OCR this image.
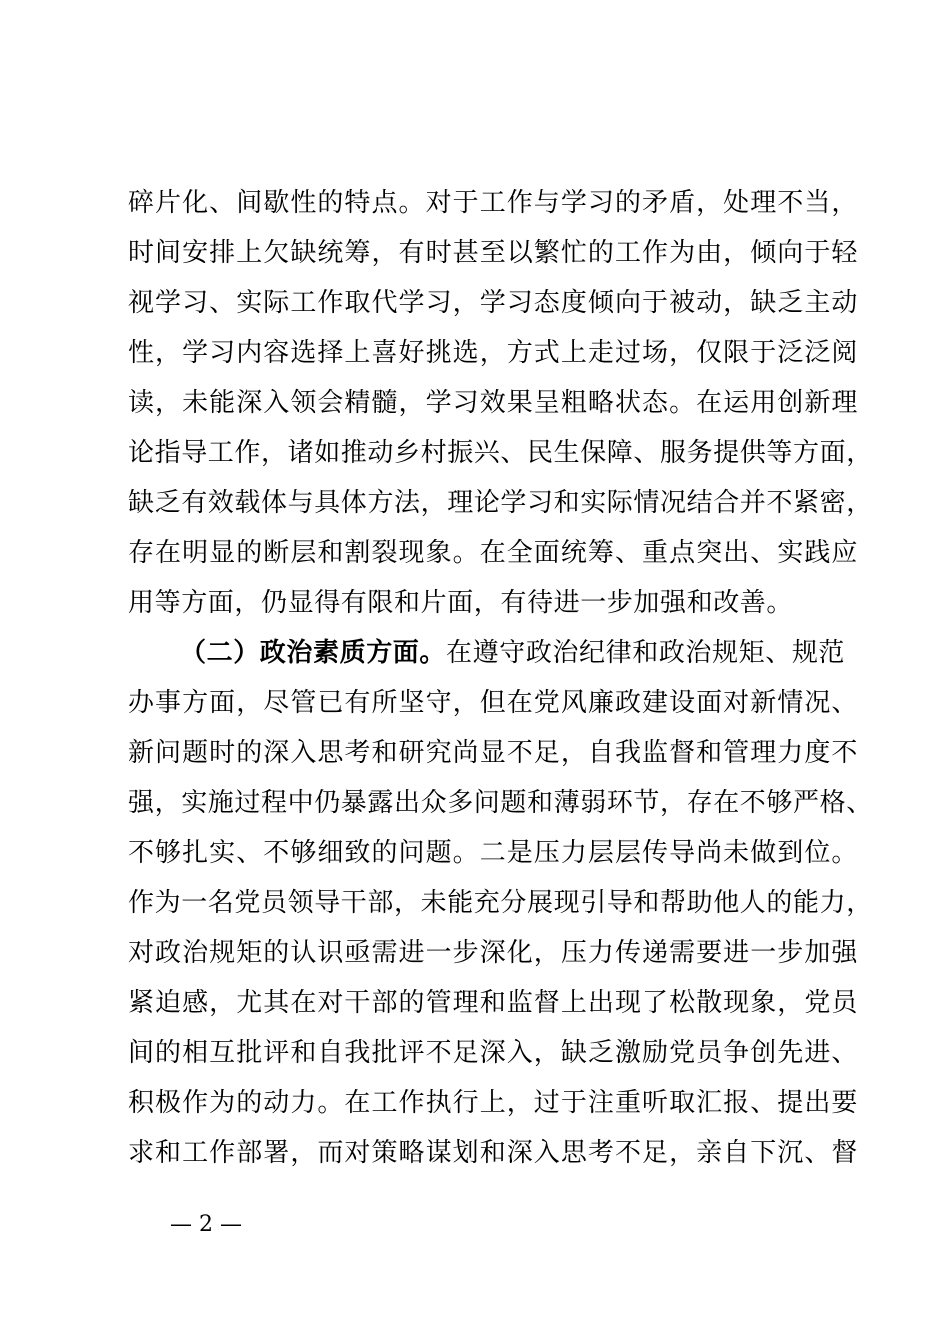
碎片化、间歇性的特点。对于工作与学习的矛盾，处理不当，
时间安排上欠缺统筹，有时甚至以繁忙的工作为由，倾向于轻
视学习、实际工作取代学习，学习态度倾向于被动，缺乏主动
性，学习内容选择上喜好挑选，方式上走过场，仅限于泛泛阅
读，未能深入领会精髓，学习效果呈粗略状态。在运用创新理
论指导工作，诸如推动乡村振兴、民生保障、服务提供等方面，
缺乏有效载体与具体方法，理论学习和实际情况结合并不紧密，
存在明显的断层和割裂现象。在全面统筹、重点突出、实践应
用等方面，仍显得有限和片面，有待进一步加强和改善。
（二）政治素质方面。在遵守政治纪律和政治规矩、规范
办事方面，尽管已有所坚守，但在党风廉政建设面对新情况、
新问题时的深入思考和研究尚显不足，自我监督和管理力度不
强，实施过程中仍暴露出众多问题和薄弱环节，存在不够严格、
不够扎实、不够细致的问题。二是压力层层传导尚未做到位。
作为一名党员领导干部，未能充分展现引导和帮助他人的能力，
对政治规矩的认识亟需进一步深化，压力传递需要进一步加强
紧迫感，尤其在对干部的管理和监督上出现了松散现象，党员
间的相互批评和自我批评不足深入，缺乏激励党员争创先进、
积极作为的动力。在工作执行上，过于注重听取汇报、提出要
求和工作部署，而对策略谋划和深入思考不足，亲自下沉、督
— 2 —
